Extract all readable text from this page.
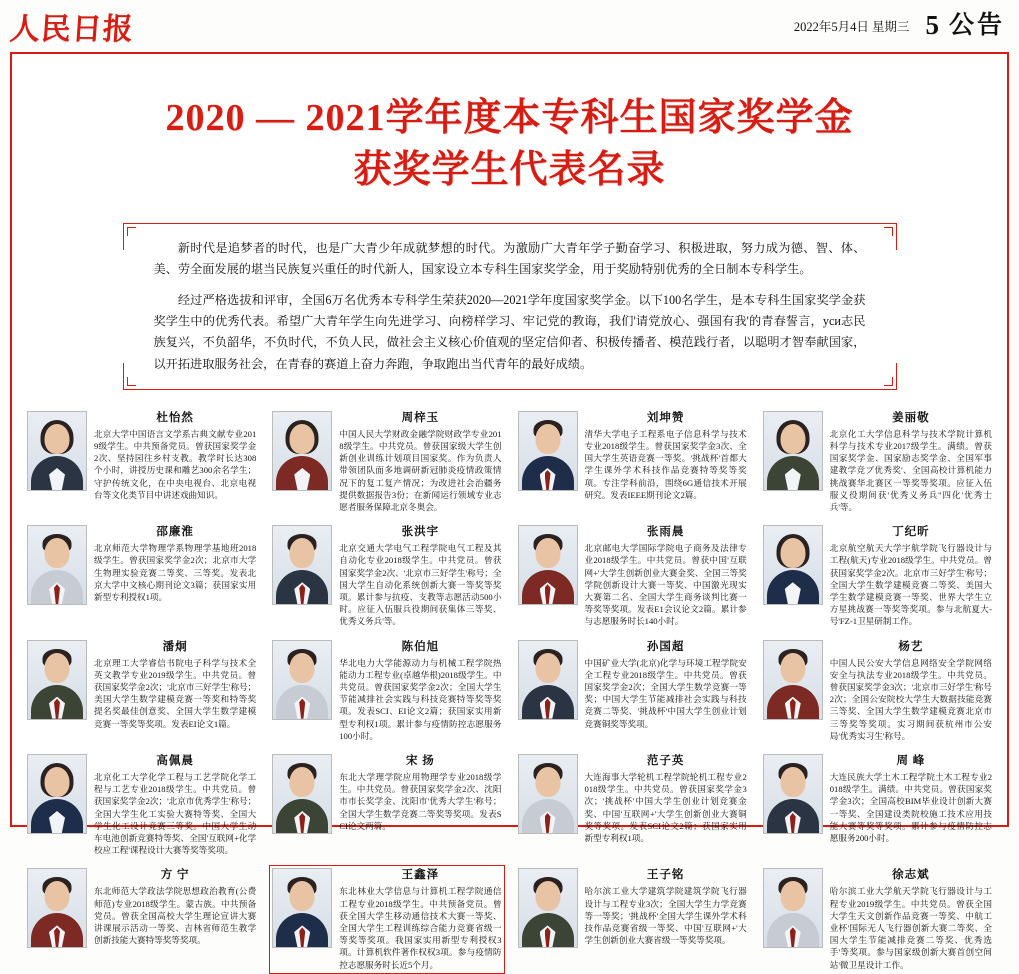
人民日报	2022年5月4日 星期三 5 公告
2020 — 2021学年度本专科生国家奖学金
获奖学生代表名录

新时代是追梦者的时代，也是广大青少年成就梦想的时代。为激励广大青年学子勤奋学习、积极进取，努力成为德、智、体、美、劳全面发展的堪当民族复兴重任的时代新人，国家设立本专科生国家奖学金，用于奖励特别优秀的全日制本专科学生。

经过严格选拔和评审，全国6万名优秀本专科学生荣获2020—2021学年度国家奖学金。以下100名学生，是本专科生国家奖学金获奖学生中的优秀代表。希望广大青年学生向先进学习、向榜样学习、牢记党的教诲，我们'请党放心、强国有我'的青春誓言，уси志民族复兴，不负韶华，不负时代，不负人民，做社会主义核心价值观的坚定信仰者、积极传播者、模范践行者，以聪明才智奉献国家，以开拓进取服务社会，在青春的赛道上奋力奔跑，争取跑出当代青年的最好成绩。

杜怡然
北京大学中国语言文学系古典文献专业2019级学生。中共预备党员。曾获国家奖学金2次、坚持园往乡村支教。教学时长达308个小时，讲授历史课和雕艺300余名学生；守护传统文化，在中央电视台、北京电视台等文化类节目中讲述戏曲知识。
周梓玉
中国人民大学财政金融学院财政学专业2018级学生。中共党员。曾获国家级大学生创新创业训练计划项目国家奖。作为负责人带领团队面多地调研新冠肺炎疫情政策情况下的复工复产情况；为改进社会治疆务提供数据报告3份；在新闻运行领域专业志愿者服务保障北京冬奥会。
刘坤赞
清华大学电子工程系电子信息科学与技术专业2018级学生。曾获国家奖学金3次、全国大学生英语竞赛一等奖。'挑战杯'首都大学生课外学术科技作品竞赛特等奖等奖项。专注学科前沿，围绕6G通信技术开展研究。发表IEEE期刊论文2篇。
姜丽敬
北京化工大学信息科学与技术学院计算机科学与技术专业2017级学生。满绩。曾获国家奖学金、国家励志奖学金、全国军事建教学竞ブ优秀奖'、全国高校计算机能力挑战赛华北赛区一等奖等奖项。应征入伍服义役期间获'优秀义务兵''四化'优秀士兵'等。
邵廉淮
北京师范大学物理学系物理学基地班2018级学生。曾获国家奖学金2次；北京市大学生物理实验竞赛二等奖、三等奖。发表北京大学中文核心期刊论文3篇；获国家实用新型专利授权1项。
张洪宇
北京交通大学电气工程学院电气工程及其自动化专业2018级学生。中共党员。曾获国家奖学金2次、'北京市三好学生'称号；全国大学生自动化系统创新大赛一等奖等奖项。累计参与抗疫、支教等志愿活动500小时。应征入伍服兵役期间获集体三等奖、优秀义务兵'等。
张雨晨
北京邮电大学国际学院电子商务及法律专业2018级学生。中共党员。曾获中国'互联网+'大学生创新创业大赛金奖、全国三等奖学院创新设计大赛一等奖、中国激光现实大赛第二名、全国大学生商务谈判比赛一等奖等奖项。发表E1会议论文2篇。累计参与志愿服务时长140小时。
丁纪昕
北京航空航天大学宇航学院飞行器设计与工程(航天)专业2018级学生。中共党员。曾获国家奖学金2次。北京市三好学生'称号；全国大学生数学建模竞赛二等奖、美国大学生数学建模竞赛一等奖、世界大学生立方星挑战赛一等奖等奖项。参与北航夏大-号'FZ-1卫星研制工作。
潘炯
北京理工大学睿信书院电子科学与技术全英文教学专业2019级学生。中共党员。曾获国家奖学金2次；'北京市三好学生'称号；美国大学生数学建模竞赛一等奖和特等奖提名奖最佳创意奖、全国大学生数学建模竞赛一等奖等奖项。发表EI论文1篇。
陈伯旭
华北电力大学能源动力与机械工程学院热能动力工程专业(卓越华根)2018级学生。中共党员。曾获国家奖学金2次；全国大学生节能减排社会实践与科技竞赛特等奖等奖项。发表SCI、EI论文2篇；获国家实用新型专利权1项。累计参与疫情防控志愿服务100小时。
孙国超
中国矿业大学(北京)化学与环境工程学院安全工程专业2018级学生。中共党员。曾获国家奖学金2次；全国大学生数学竞赛一等奖；中国大学生节能减排社会实践与科技竞赛二等奖、'挑战杯'中国大学生创业计划竞赛铜奖等奖项。
杨艺
中国人民公安大学信息网络安全学院网络安全与执法专业2018级学生。中共党员。曾获国家奖学金3次；'北京市三好学生'称号2次；全国公安院校大学生大数据技能竞赛三等奖、全国大学生数学建模竞赛北京市三等奖等奖项。实习期间获杭州市公安局'优秀实习生'称号。
高佩晨
北京化工大学化学工程与工艺学院化学工程与工艺专业2018级学生。中共党员。曾获国家奖学金2次；'北京市优秀学生'称号；全国大学生化工实验大赛特等奖、全国大学生化工设计竞赛三等奖。中国大学生动车电池创新竞赛特等奖、全国'互联网+化学校应工程'课程设计大赛等奖等奖项。
宋 扬
东北大学理学院应用物理学专业2018级学生。中共党员。曾获国家奖学金2次、沈阳市市长奖学金、沈阳市'优秀大学生'称号；全国大学生数学竞赛二等奖等奖项。发表SCI论文两篇。
范子英
大连海事大学轮机工程学院轮机工程专业2018级学生。中共党员。曾获国家奖学金3次；'挑战杯'中国大学生创业计划竞赛金奖、中国'互联网+'大学生创新创业大赛铜奖等奖项。发表SCI论文2篇；获国家实用新型专利权1项。
周 峰
大连民族大学土木工程学院土木工程专业2018级学生。满绩。中共党员。曾获国家奖学金3次；全国高校BIM毕业设计创新大赛一等奖、全国建设类院校施工技术应用技能大赛等奖等奖项。累计参与疫情防控志愿服务200小时。
方 宁
东北师范大学政法学院思想政治教育(公费师范)专业2018级学生。蒙古族。中共预备党员。曾获全国高校大学生理论宣讲大赛讲课展示活动一等奖、吉林省师范生教学创新技能大赛特等奖等奖项。
王鑫泽
东北林业大学信息与计算机工程学院通信工程专业2018级学生。中共预备党员。曾获全国大学生移动通信技术大赛一等奖、全国大学生工程训练综合能力竞赛省级一等奖等奖项。我国家实用新型专利授权3项。计算机软件著作权权3项。参与疫情防控志愿服务时长近5个月。
王子铭
哈尔滨工业大学建筑学院建筑学院飞行器设计与工程专业3次；全国大学生力学竞赛等一等奖；'挑战杯'全国大学生课外学术科技作品竞赛省级一等奖、中国'互联网+'大学生创新创业大赛省级一等奖等奖项。
徐志斌
哈尔滨工业大学航天学院飞行器设计与工程专业2019级学生。中共党员。曾获全国大学生天文创新作品竞赛一等奖、中航工业杯'国际无人飞行器创新大赛二等奖、全国大学生节能减排竞赛二等奖、优秀选手'等奖项。参与国家级创新大赛首创空间站'微卫星设计工作。
